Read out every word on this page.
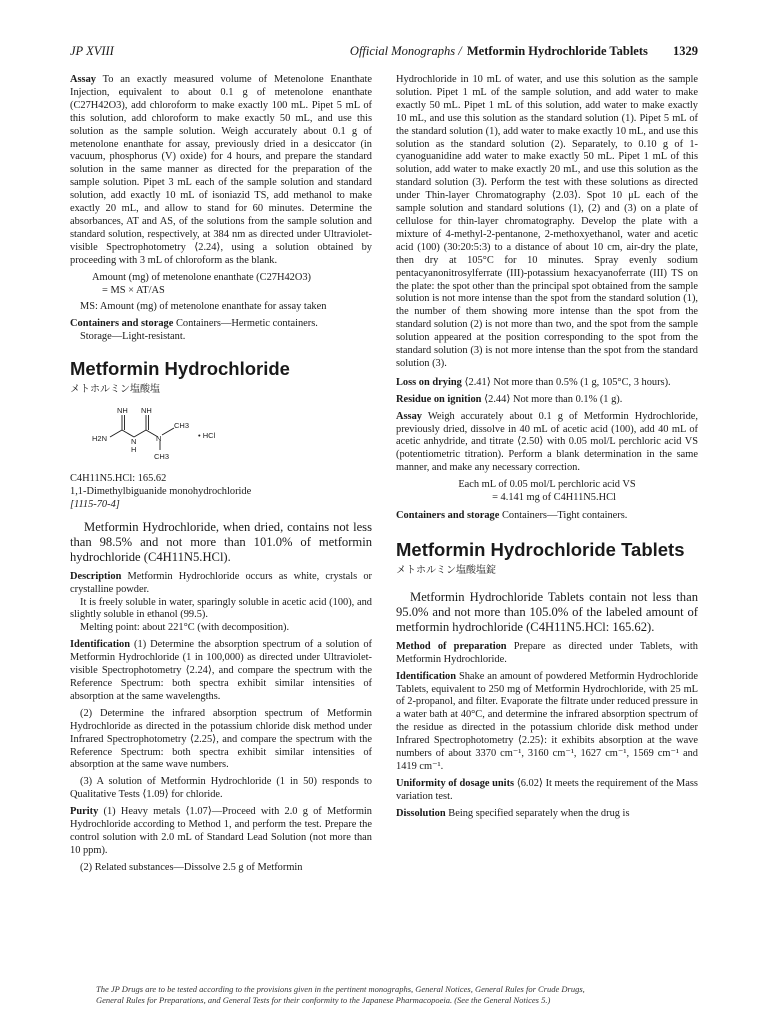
JP XVIII	Official Monographs / Metformin Hydrochloride Tablets 1329

Assay To an exactly measured volume of Metenolone Enanthate Injection, equivalent to about 0.1 g of metenolone enanthate (C27H42O3), add chloroform to make exactly 100 mL. Pipet 5 mL of this solution, add chloroform to make exactly 50 mL, and use this solution as the sample solution. Weigh accurately about 0.1 g of metenolone enanthate for assay, previously dried in a desiccator (in vacuum, phosphorus (V) oxide) for 4 hours, and prepare the standard solution in the same manner as directed for the preparation of the sample solution. Pipet 3 mL each of the sample solution and standard solution, add exactly 10 mL of isoniazid TS, add methanol to make exactly 20 mL, and allow to stand for 60 minutes. Determine the absorbances, AT and AS, of the solutions from the sample solution and standard solution, respectively, at 384 nm as directed under Ultraviolet-visible Spectrophotometry ⟨2.24⟩, using a solution obtained by proceeding with 3 mL of chloroform as the blank.

Amount (mg) of metenolone enanthate (C27H42O3)
= MS × AT/AS

MS: Amount (mg) of metenolone enanthate for assay taken

Containers and storage Containers—Hermetic containers.
Storage—Light-resistant.

Metformin Hydrochloride
メトホルミン塩酸塩
NH NH
H2N	N
H
N
CH3
CH3
• HCl

C4H11N5.HCl: 165.62

1,1-Dimethylbiguanide monohydrochloride

[1115-70-4]

Metformin Hydrochloride, when dried, contains not less than 98.5% and not more than 101.0% of metformin hydrochloride (C4H11N5.HCl).

Description Metformin Hydrochloride occurs as white, crystals or crystalline powder.
It is freely soluble in water, sparingly soluble in acetic acid (100), and slightly soluble in ethanol (99.5).
Melting point: about 221°C (with decomposition).

Identification (1) Determine the absorption spectrum of a solution of Metformin Hydrochloride (1 in 100,000) as directed under Ultraviolet-visible Spectrophotometry ⟨2.24⟩, and compare the spectrum with the Reference Spectrum: both spectra exhibit similar intensities of absorption at the same wavelengths.

(2) Determine the infrared absorption spectrum of Metformin Hydrochloride as directed in the potassium chloride disk method under Infrared Spectrophotometry ⟨2.25⟩, and compare the spectrum with the Reference Spectrum: both spectra exhibit similar intensities of absorption at the same wave numbers.

(3) A solution of Metformin Hydrochloride (1 in 50) responds to Qualitative Tests ⟨1.09⟩ for chloride.

Purity (1) Heavy metals ⟨1.07⟩—Proceed with 2.0 g of Metformin Hydrochloride according to Method 1, and perform the test. Prepare the control solution with 2.0 mL of Standard Lead Solution (not more than 10 ppm).

(2) Related substances—Dissolve 2.5 g of Metformin

Hydrochloride in 10 mL of water, and use this solution as the sample solution. Pipet 1 mL of the sample solution, and add water to make exactly 50 mL. Pipet 1 mL of this solution, add water to make exactly 10 mL, and use this solution as the standard solution (1). Pipet 5 mL of the standard solution (1), add water to make exactly 10 mL, and use this solution as the standard solution (2). Separately, to 0.10 g of 1-cyanoguanidine add water to make exactly 50 mL. Pipet 1 mL of this solution, add water to make exactly 20 mL, and use this solution as the standard solution (3). Perform the test with these solutions as directed under Thin-layer Chromatography ⟨2.03⟩. Spot 10 μL each of the sample solution and standard solutions (1), (2) and (3) on a plate of cellulose for thin-layer chromatography. Develop the plate with a mixture of 4-methyl-2-pentanone, 2-methoxyethanol, water and acetic acid (100) (30:20:5:3) to a distance of about 10 cm, air-dry the plate, then dry at 105°C for 10 minutes. Spray evenly sodium pentacyanonitrosylferrate (III)-potassium hexacyanoferrate (III) TS on the plate: the spot other than the principal spot obtained from the sample solution is not more intense than the spot from the standard solution (1), the number of them showing more intense than the spot from the standard solution (2) is not more than two, and the spot from the sample solution appeared at the position corresponding to the spot from the standard solution (3) is not more intense than the spot from the standard solution (3).

Loss on drying ⟨2.41⟩ Not more than 0.5% (1 g, 105°C, 3 hours).

Residue on ignition ⟨2.44⟩ Not more than 0.1% (1 g).

Assay Weigh accurately about 0.1 g of Metformin Hydrochloride, previously dried, dissolve in 40 mL of acetic acid (100), add 40 mL of acetic anhydride, and titrate ⟨2.50⟩ with 0.05 mol/L perchloric acid VS (potentiometric titration). Perform a blank determination in the same manner, and make any necessary correction.

Each mL of 0.05 mol/L perchloric acid VS
= 4.141 mg of C4H11N5.HCl

Containers and storage Containers—Tight containers.

Metformin Hydrochloride Tablets
メトホルミン塩酸塩錠

Metformin Hydrochloride Tablets contain not less than 95.0% and not more than 105.0% of the labeled amount of metformin hydrochloride (C4H11N5.HCl: 165.62).

Method of preparation Prepare as directed under Tablets, with Metformin Hydrochloride.

Identification Shake an amount of powdered Metformin Hydrochloride Tablets, equivalent to 250 mg of Metformin Hydrochloride, with 25 mL of 2-propanol, and filter. Evaporate the filtrate under reduced pressure in a water bath at 40°C, and determine the infrared absorption spectrum of the residue as directed in the potassium chloride disk method under Infrared Spectrophotometry ⟨2.25⟩: it exhibits absorption at the wave numbers of about 3370 cm⁻¹, 3160 cm⁻¹, 1627 cm⁻¹, 1569 cm⁻¹ and 1419 cm⁻¹.

Uniformity of dosage units ⟨6.02⟩ It meets the requirement of the Mass variation test.

Dissolution Being specified separately when the drug is

The JP Drugs are to be tested according to the provisions given in the pertinent monographs, General Notices, General Rules for Crude Drugs,
General Rules for Preparations, and General Tests for their conformity to the Japanese Pharmacopoeia. (See the General Notices 5.)
